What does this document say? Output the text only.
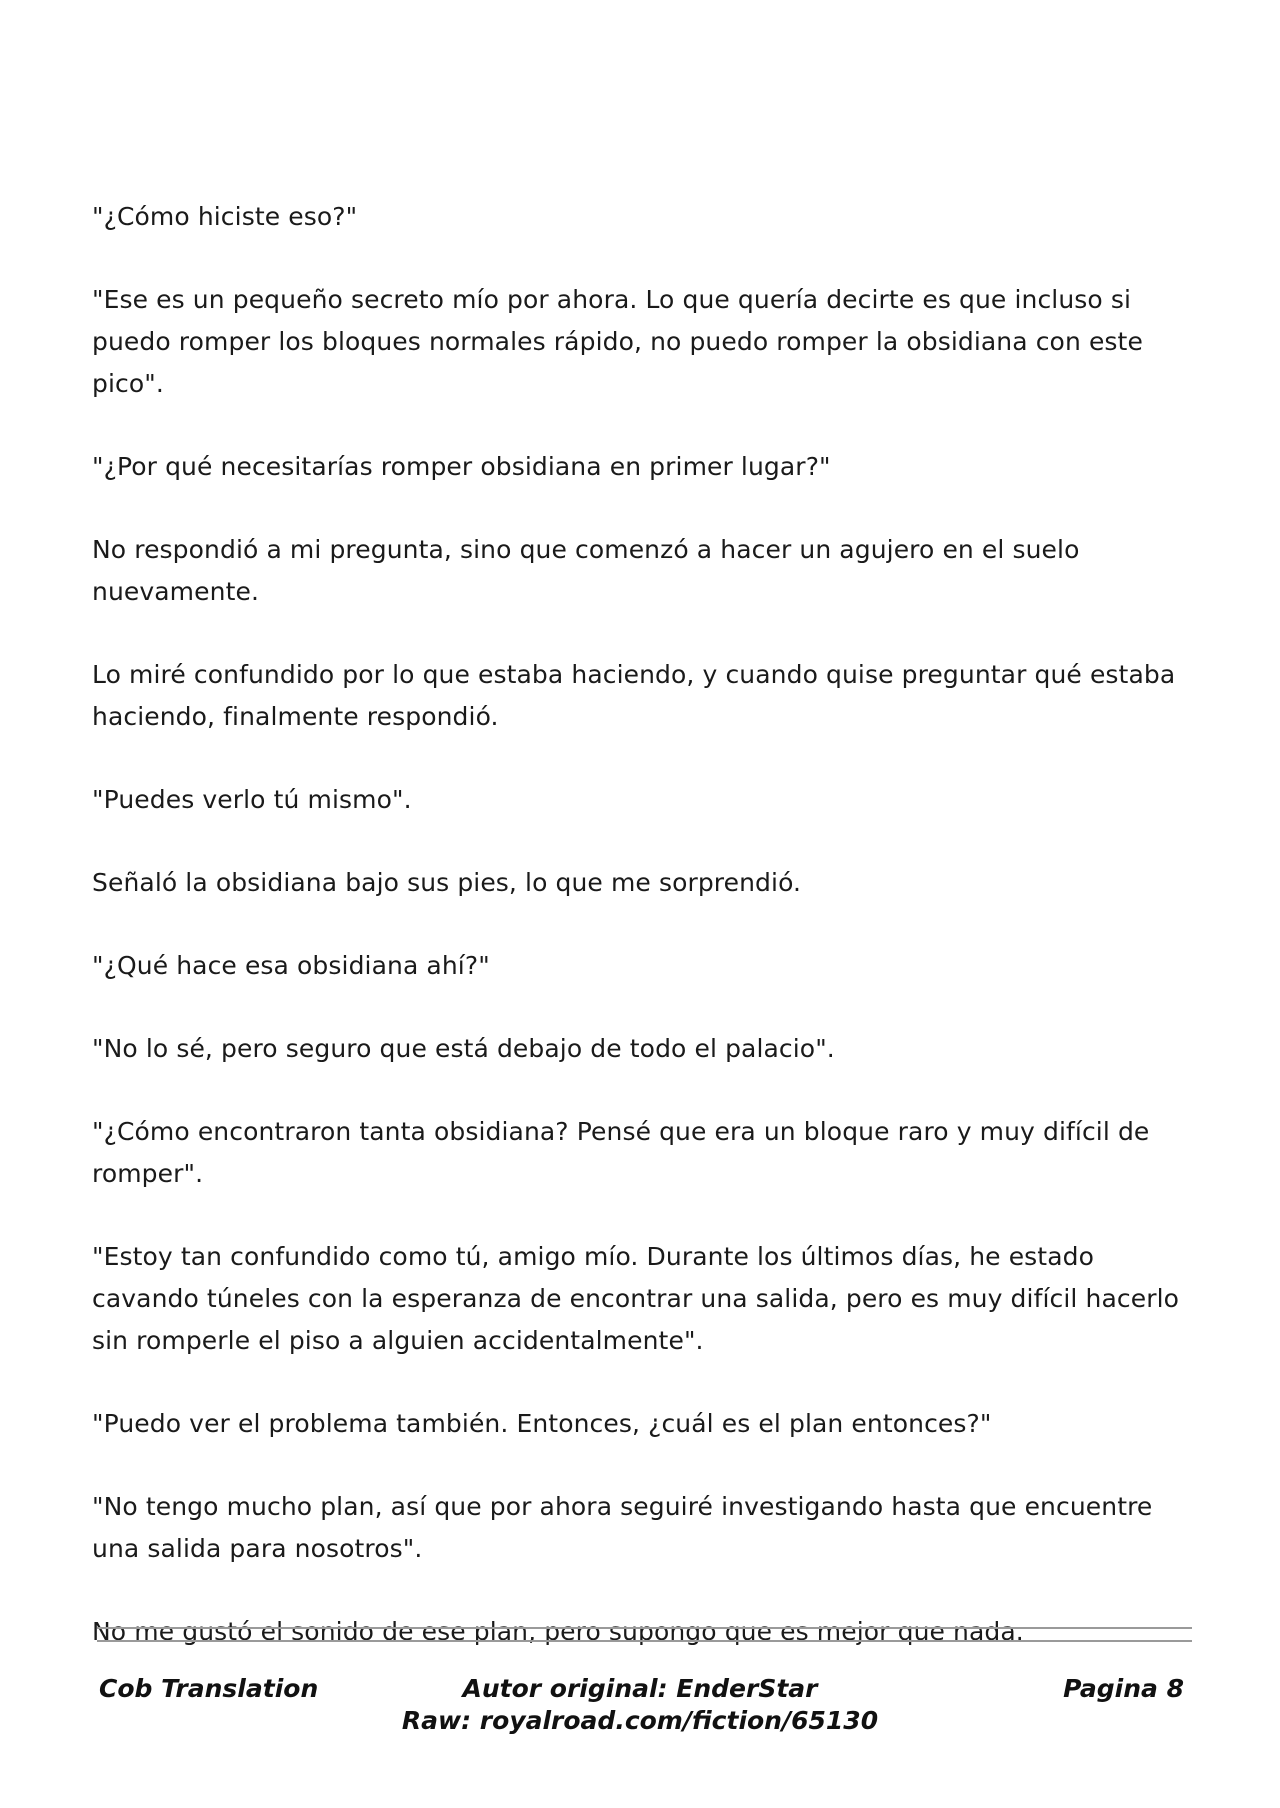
"¿Cómo hiciste eso?"

"Ese es un pequeño secreto mío por ahora. Lo que quería decirte es que incluso si puedo romper los bloques normales rápido, no puedo romper la obsidiana con este pico".

"¿Por qué necesitarías romper obsidiana en primer lugar?"

No respondió a mi pregunta, sino que comenzó a hacer un agujero en el suelo nuevamente.

Lo miré confundido por lo que estaba haciendo, y cuando quise preguntar qué estaba haciendo, finalmente respondió.

"Puedes verlo tú mismo".

Señaló la obsidiana bajo sus pies, lo que me sorprendió.

"¿Qué hace esa obsidiana ahí?"

"No lo sé, pero seguro que está debajo de todo el palacio".

"¿Cómo encontraron tanta obsidiana? Pensé que era un bloque raro y muy difícil de romper".

"Estoy tan confundido como tú, amigo mío. Durante los últimos días, he estado cavando túneles con la esperanza de encontrar una salida, pero es muy difícil hacerlo sin romperle el piso a alguien accidentalmente".

"Puedo ver el problema también. Entonces, ¿cuál es el plan entonces?"

"No tengo mucho plan, así que por ahora seguiré investigando hasta que encuentre una salida para nosotros".

No me gustó el sonido de ese plan, pero supongo que es mejor que nada.

Cob Translation	Autor original: EnderStar
Raw: royalroad.com/fiction/65130
Pagina 8
